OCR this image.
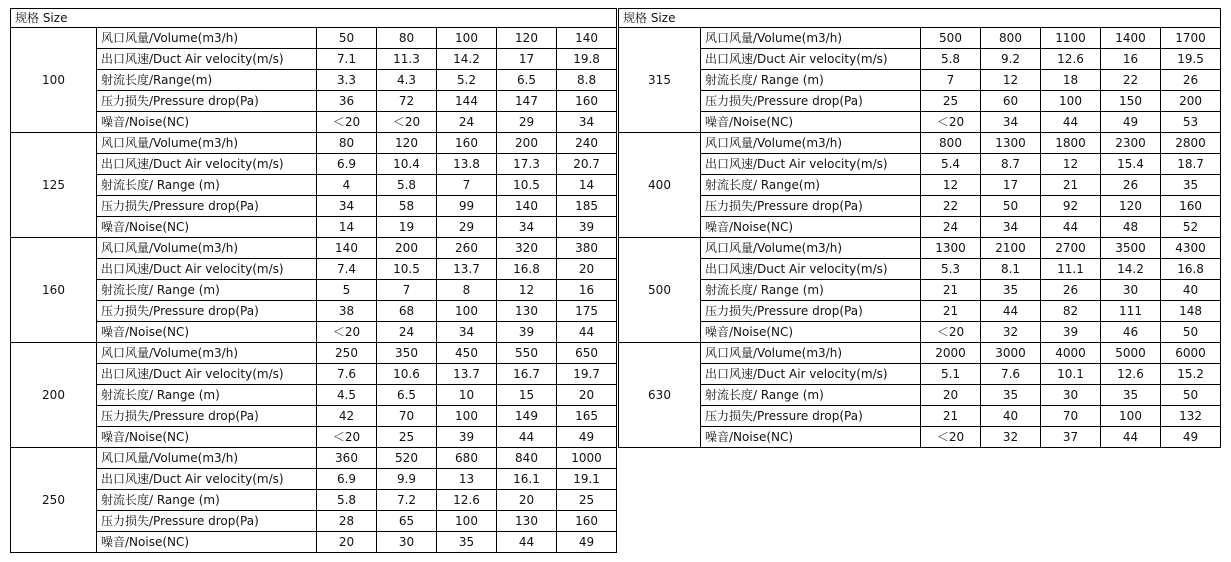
规格 Size						
100	风口风量/Volume(m3/h)	50	80	100	120	140
	出口风速/Duct Air velocity(m/s)	7.1	11.3	14.2	17	19.8
	射流长度/Range(m)	3.3	4.3	5.2	6.5	8.8
	压力损失/Pressure drop(Pa)	36	72	144	147	160
	噪音/Noise(NC)	＜20	＜20	24	29	34
125	风口风量/Volume(m3/h)	80	120	160	200	240
	出口风速/Duct Air velocity(m/s)	6.9	10.4	13.8	17.3	20.7
	射流长度/ Range (m)	4	5.8	7	10.5	14
	压力损失/Pressure drop(Pa)	34	58	99	140	185
	噪音/Noise(NC)	14	19	29	34	39
160	风口风量/Volume(m3/h)	140	200	260	320	380
	出口风速/Duct Air velocity(m/s)	7.4	10.5	13.7	16.8	20
	射流长度/ Range (m)	5	7	8	12	16
	压力损失/Pressure drop(Pa)	38	68	100	130	175
	噪音/Noise(NC)	＜20	24	34	39	44
200	风口风量/Volume(m3/h)	250	350	450	550	650
	出口风速/Duct Air velocity(m/s)	7.6	10.6	13.7	16.7	19.7
	射流长度/ Range (m)	4.5	6.5	10	15	20
	压力损失/Pressure drop(Pa)	42	70	100	149	165
	噪音/Noise(NC)	＜20	25	39	44	49
250	风口风量/Volume(m3/h)	360	520	680	840	1000
	出口风速/Duct Air velocity(m/s)	6.9	9.9	13	16.1	19.1
	射流长度/ Range (m)	5.8	7.2	12.6	20	25
	压力损失/Pressure drop(Pa)	28	65	100	130	160
	噪音/Noise(NC)	20	30	35	44	49
规格 Size						
315	风口风量/Volume(m3/h)	500	800	1100	1400	1700
	出口风速/Duct Air velocity(m/s)	5.8	9.2	12.6	16	19.5
	射流长度/ Range (m)	7	12	18	22	26
	压力损失/Pressure drop(Pa)	25	60	100	150	200
	噪音/Noise(NC)	＜20	34	44	49	53
400	风口风量/Volume(m3/h)	800	1300	1800	2300	2800
	出口风速/Duct Air velocity(m/s)	5.4	8.7	12	15.4	18.7
	射流长度/ Range(m)	12	17	21	26	35
	压力损失/Pressure drop(Pa)	22	50	92	120	160
	噪音/Noise(NC)	24	34	44	48	52
500	风口风量/Volume(m3/h)	1300	2100	2700	3500	4300
	出口风速/Duct Air velocity(m/s)	5.3	8.1	11.1	14.2	16.8
	射流长度/ Range (m)	21	35	26	30	40
	压力损失/Pressure drop(Pa)	21	44	82	111	148
	噪音/Noise(NC)	＜20	32	39	46	50
630	风口风量/Volume(m3/h)	2000	3000	4000	5000	6000
	出口风速/Duct Air velocity(m/s)	5.1	7.6	10.1	12.6	15.2
	射流长度/ Range (m)	20	35	30	35	50
	压力损失/Pressure drop(Pa)	21	40	70	100	132
	噪音/Noise(NC)	＜20	32	37	44	49
